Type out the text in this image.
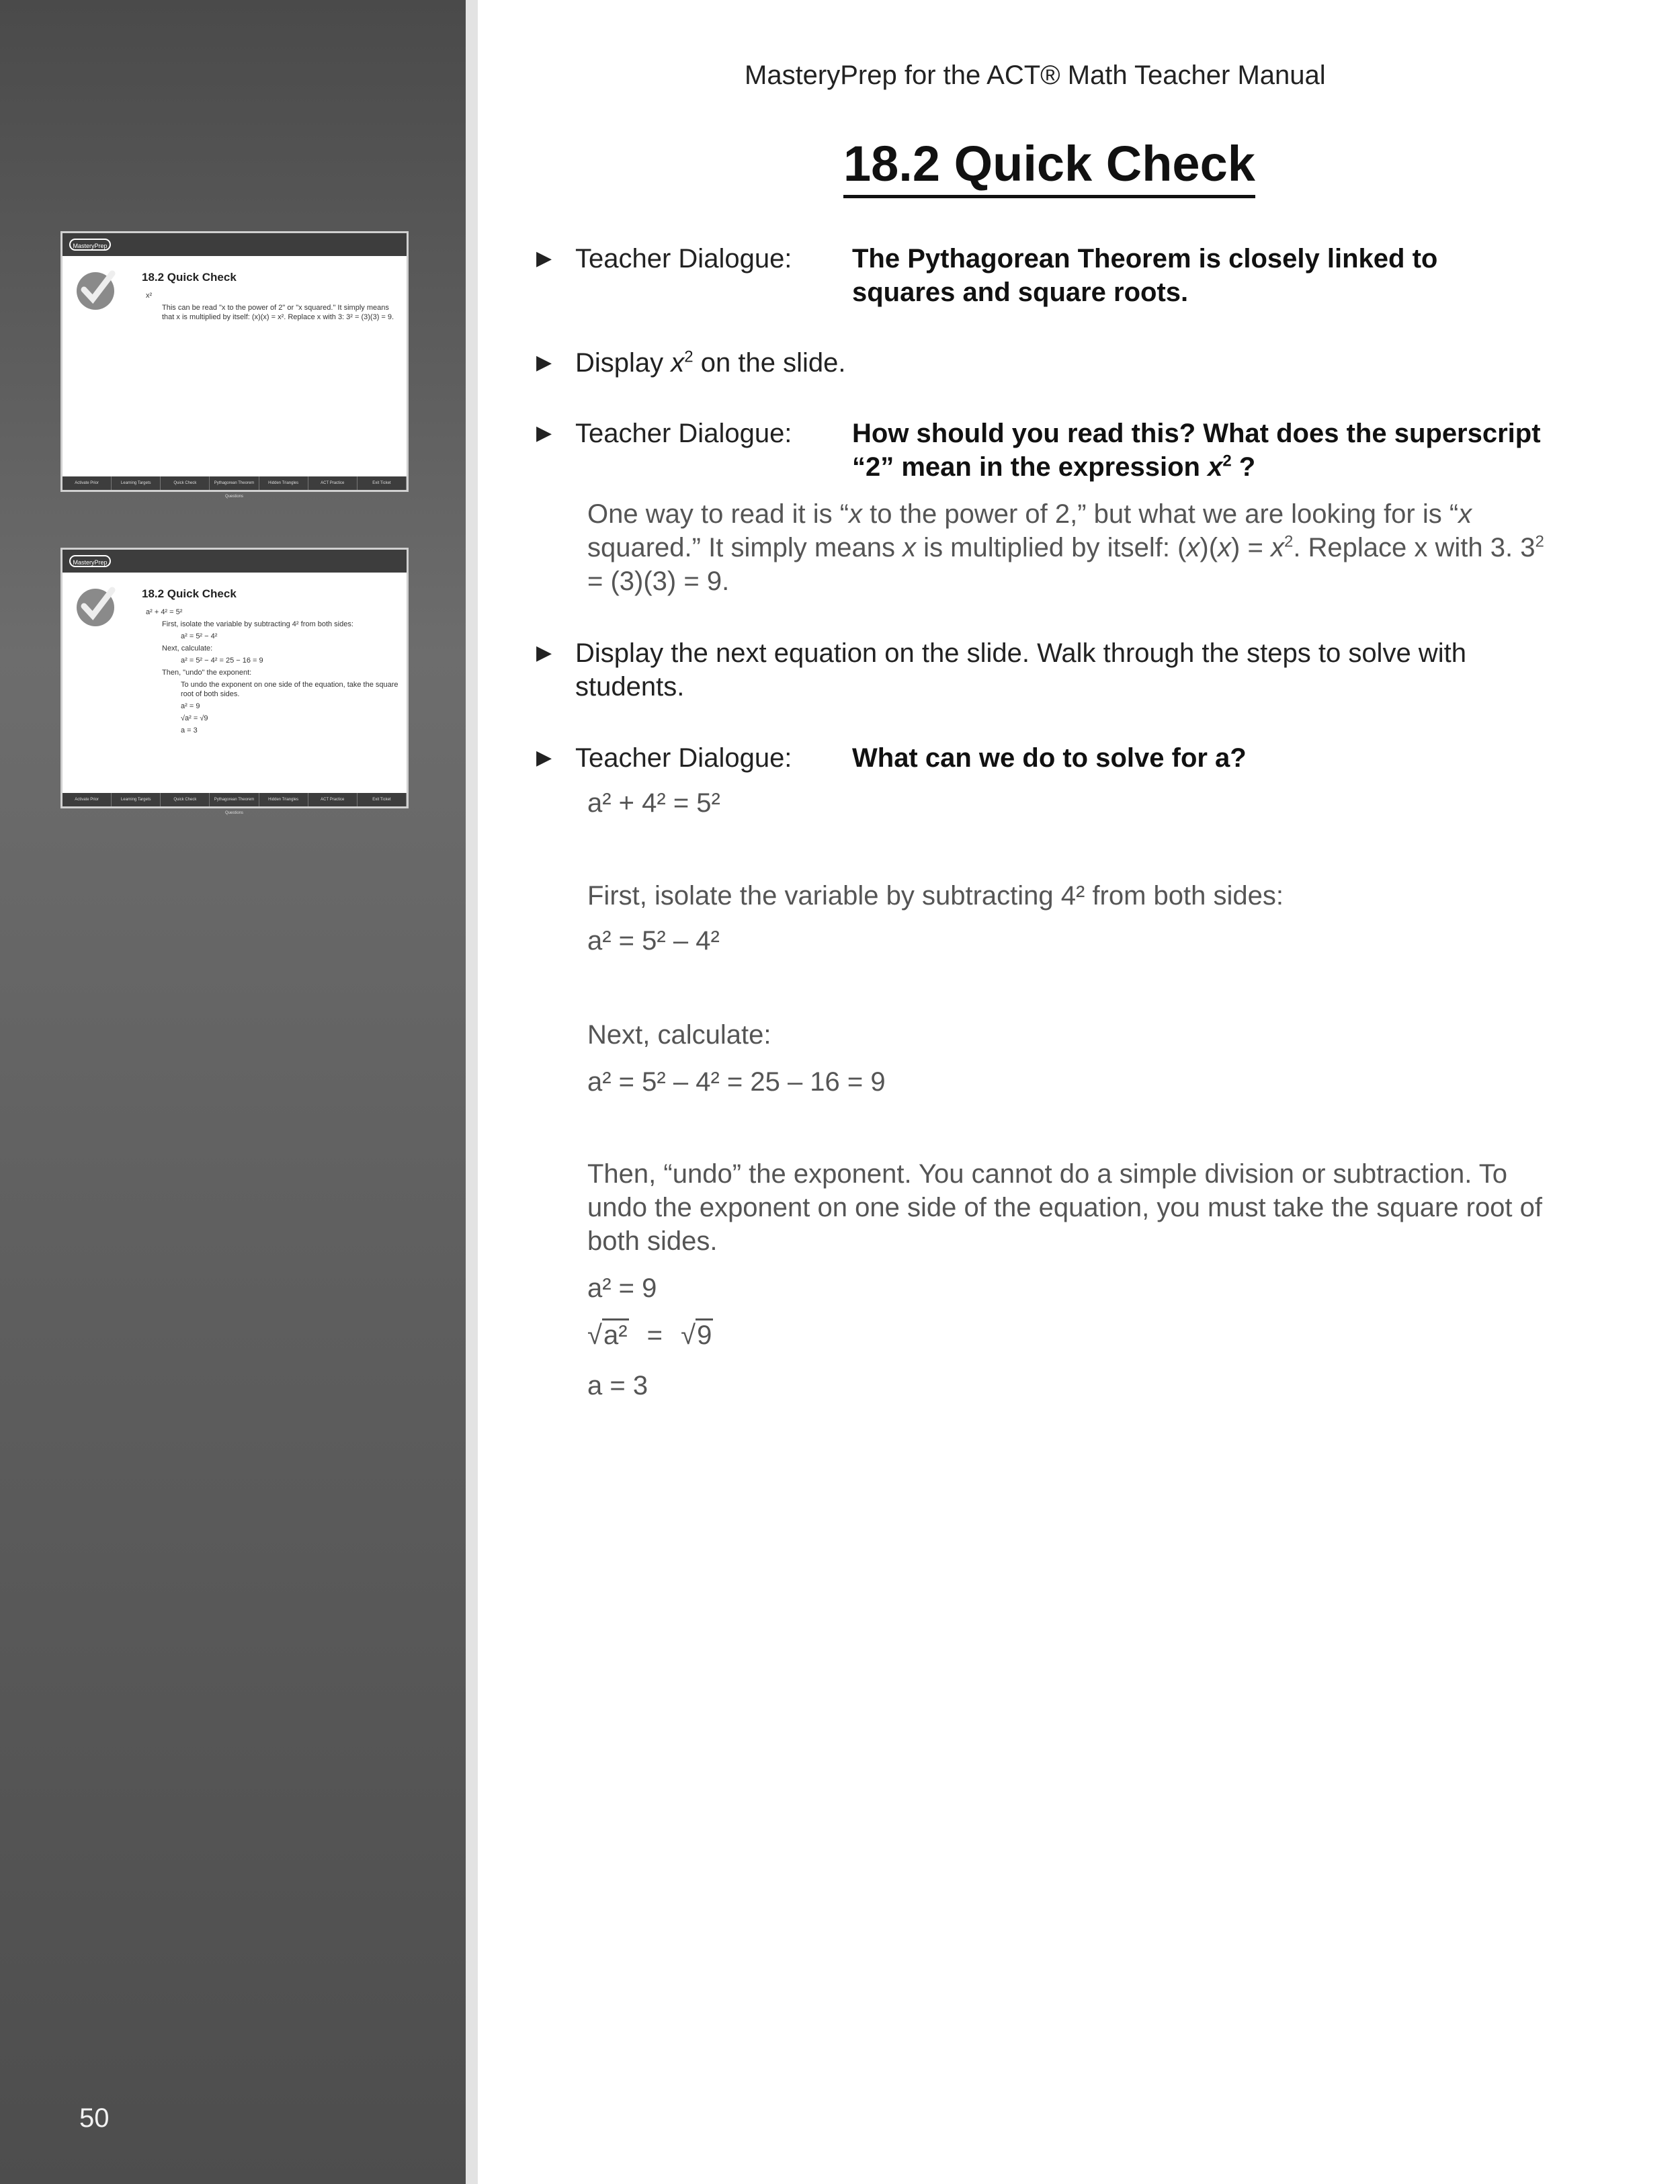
MasteryPrep
18.2 Quick Check
x²
This can be read "x to the power of 2" or "x squared." It simply means that x is multiplied by itself: (x)(x) = x². Replace x with 3: 3² = (3)(3) = 9.
Activate Prior	Learning Targets	Quick Check	Pythagorean Theorem Questions
Hidden Triangles	ACT Practice	Exit Ticket
MasteryPrep
18.2 Quick Check
a² + 4² = 5²
First, isolate the variable by subtracting 4² from both sides:
a² = 5² − 4²
Next, calculate:
a² = 5² − 4² = 25 − 16 = 9
Then, "undo" the exponent:
To undo the exponent on one side of the equation, take the square root of both sides.
a² = 9
√a² = √9
a = 3
Activate Prior	Learning Targets	Quick Check	Pythagorean Theorem Questions
Hidden Triangles	ACT Practice	Exit Ticket
50
MasteryPrep for the ACT® Math Teacher Manual
18.2 Quick Check
▶ Teacher Dialogue: The Pythagorean Theorem is closely linked to squares and square roots.
▶ Display $x^2$ on the slide.
▶ Teacher Dialogue: How should you read this? What does the superscript “2” mean in the expression $x^2$ ?
One way to read it is “x to the power of 2,” but what we are looking for is “x squared.” It simply means x is multiplied by itself: $(x)(x) = x^2$. Replace x with 3. $3^2 = (3)(3) = 9$.
▶ Display the next equation on the slide. Walk through the steps to solve with students.
▶ Teacher Dialogue: What can we do to solve for a?
a² + 4² = 5²
First, isolate the variable by subtracting 4² from both sides:
a² = 5² – 4²
Next, calculate:
a² = 5² – 4² = 25 – 16 = 9
Then, “undo” the exponent. You cannot do a simple division or subtraction. To undo the exponent on one side of the equation, you must take the square root of both sides.
a² = 9
√a² = √9
a = 3
